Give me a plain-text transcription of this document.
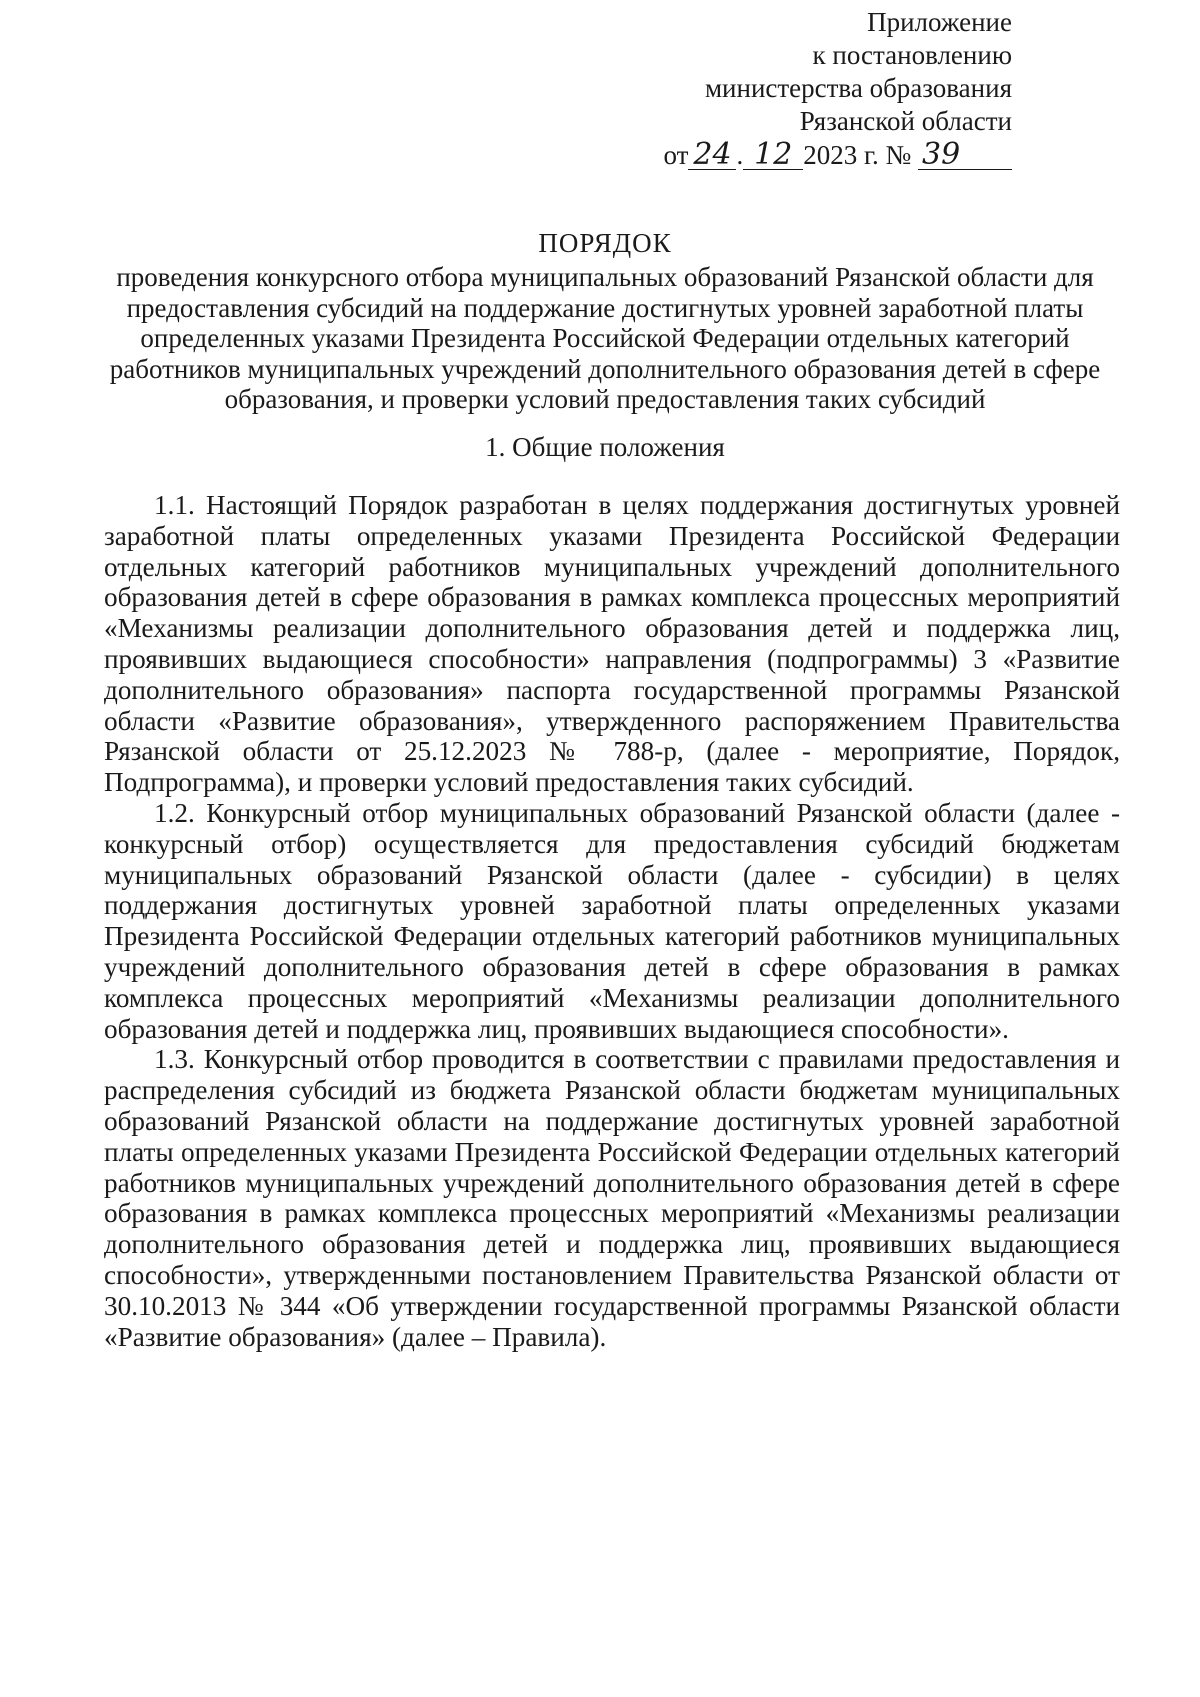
Приложение
к постановлению
министерства образования
Рязанской области
от 24 . 12 2023 г. № 39
ПОРЯДОК
проведения конкурсного отбора муниципальных образований Рязанской области для предоставления субсидий на поддержание достигнутых уровней заработной платы определенных указами Президента Российской Федерации отдельных категорий работников муниципальных учреждений дополнительного образования детей в сфере образования, и проверки условий предоставления таких субсидий
1. Общие положения

1.1. Настоящий Порядок разработан в целях поддержания достигнутых уровней заработной платы определенных указами Президента Российской Федерации отдельных категорий работников муниципальных учреждений дополнительного образования детей в сфере образования в рамках комплекса процессных мероприятий «Механизмы реализации дополнительного образования детей и поддержка лиц, проявивших выдающиеся способности» направления (подпрограммы) 3 «Развитие дополнительного образования» паспорта государственной программы Рязанской области «Развитие образования», утвержденного распоряжением Правительства Рязанской области от 25.12.2023 № 788-р, (далее - мероприятие, Порядок, Подпрограмма), и проверки условий предоставления таких субсидий.

1.2. Конкурсный отбор муниципальных образований Рязанской области (далее - конкурсный отбор) осуществляется для предоставления субсидий бюджетам муниципальных образований Рязанской области (далее - субсидии) в целях поддержания достигнутых уровней заработной платы определенных указами Президента Российской Федерации отдельных категорий работников муниципальных учреждений дополнительного образования детей в сфере образования в рамках комплекса процессных мероприятий «Механизмы реализации дополнительного образования детей и поддержка лиц, проявивших выдающиеся способности».

1.3. Конкурсный отбор проводится в соответствии с правилами предоставления и распределения субсидий из бюджета Рязанской области бюджетам муниципальных образований Рязанской области на поддержание достигнутых уровней заработной платы определенных указами Президента Российской Федерации отдельных категорий работников муниципальных учреждений дополнительного образования детей в сфере образования в рамках комплекса процессных мероприятий «Механизмы реализации дополнительного образования детей и поддержка лиц, проявивших выдающиеся способности», утвержденными постановлением Правительства Рязанской области от 30.10.2013 № 344 «Об утверждении государственной программы Рязанской области «Развитие образования» (далее – Правила).
